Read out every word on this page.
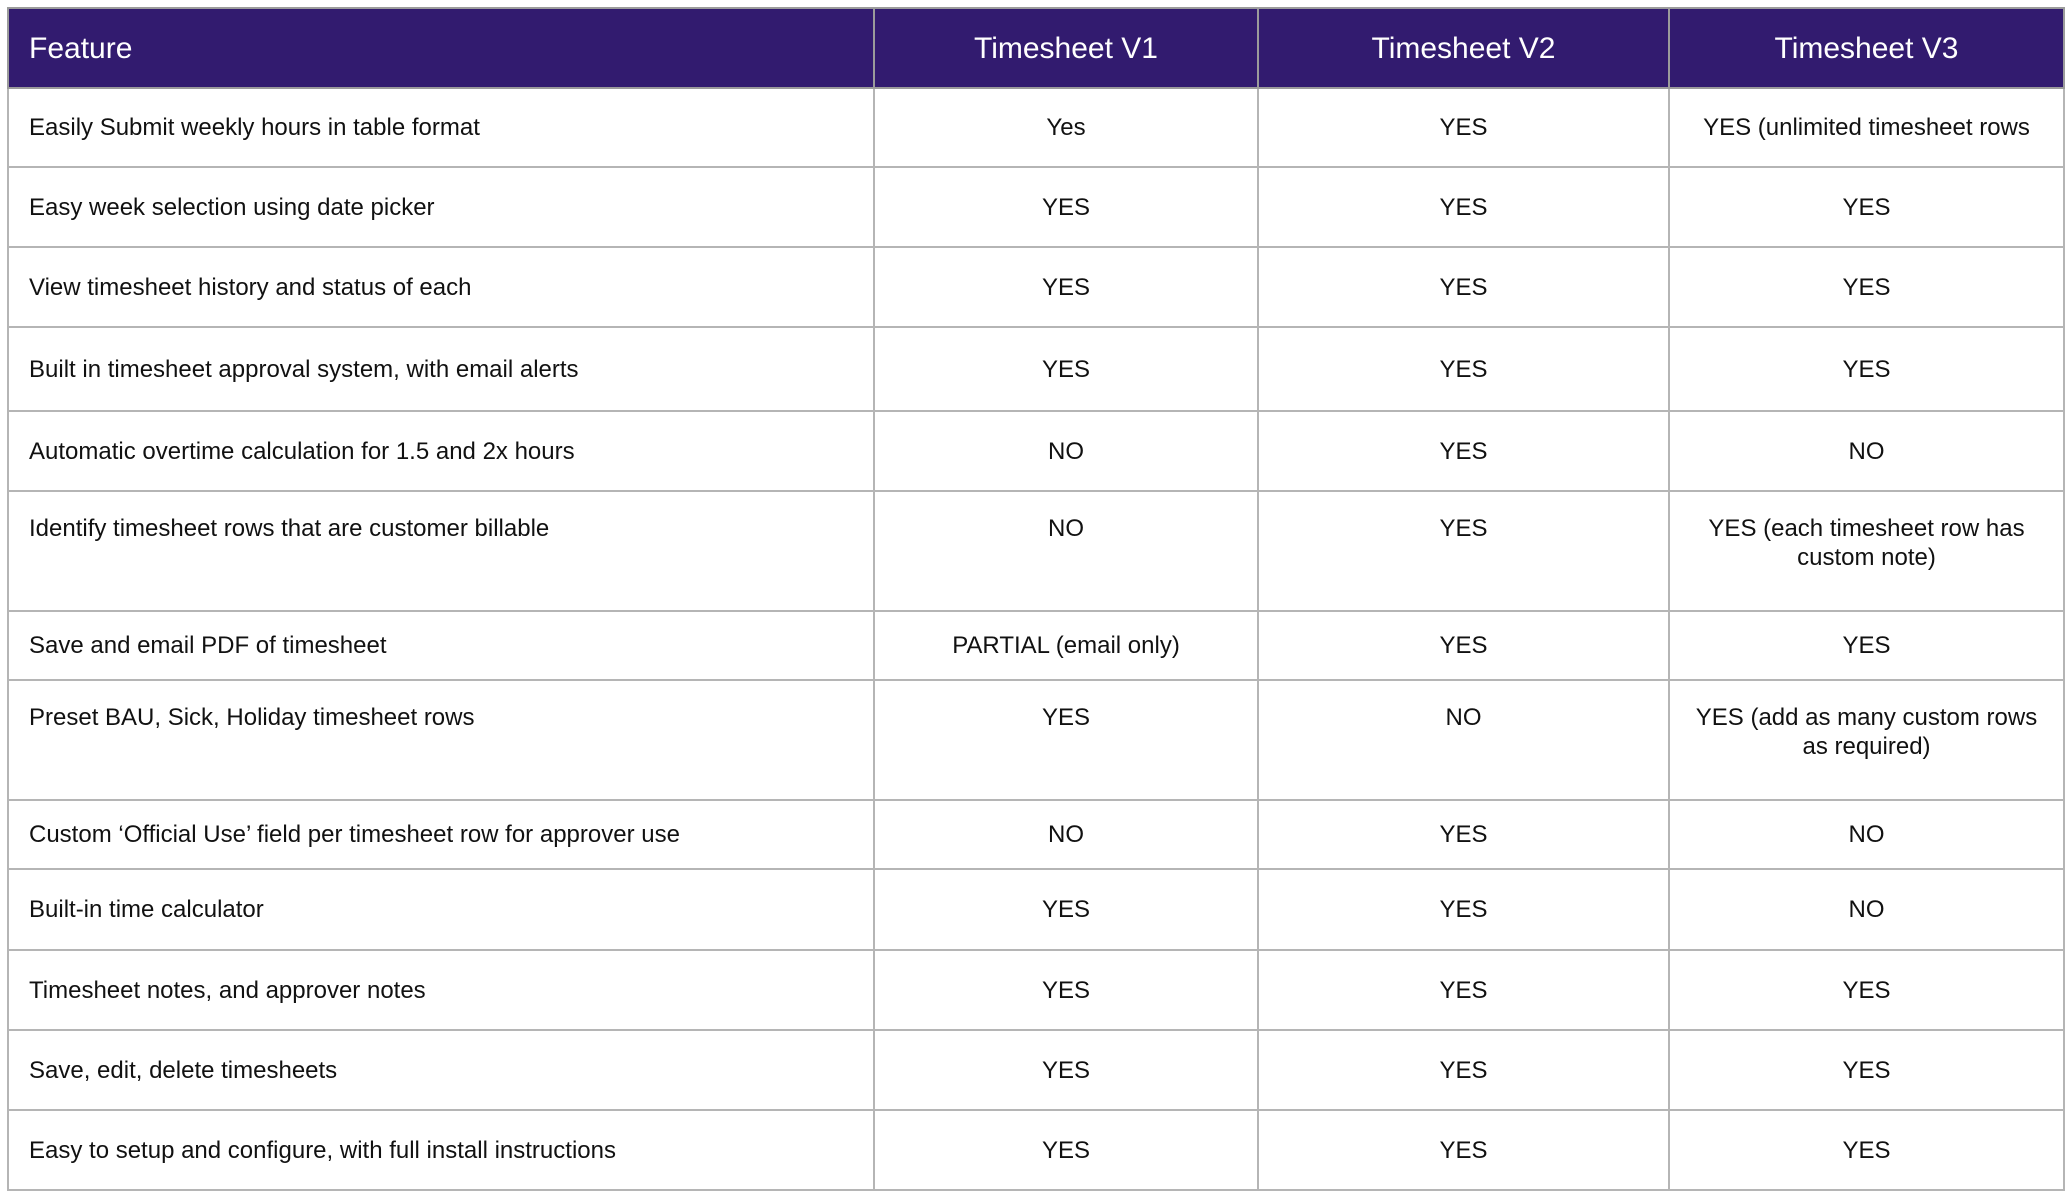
Feature	Timesheet V1	Timesheet V2	Timesheet V3
Easily Submit weekly hours in table format	Yes	YES	YES (unlimited timesheet rows
Easy week selection using date picker	YES	YES	YES
View timesheet history and status of each	YES	YES	YES
Built in timesheet approval system, with email alerts	YES	YES	YES
Automatic overtime calculation for 1.5 and 2x hours	NO	YES	NO
Identify timesheet rows that are customer billable	NO	YES	YES (each timesheet row has custom note)
Save and email PDF of timesheet	PARTIAL (email only)	YES	YES
Preset BAU, Sick, Holiday timesheet rows	YES	NO	YES (add as many custom rows as required)
Custom ‘Official Use’ field per timesheet row for approver use	NO	YES	NO
Built-in time calculator	YES	YES	NO
Timesheet notes, and approver notes	YES	YES	YES
Save, edit, delete timesheets	YES	YES	YES
Easy to setup and configure, with full install instructions	YES	YES	YES
